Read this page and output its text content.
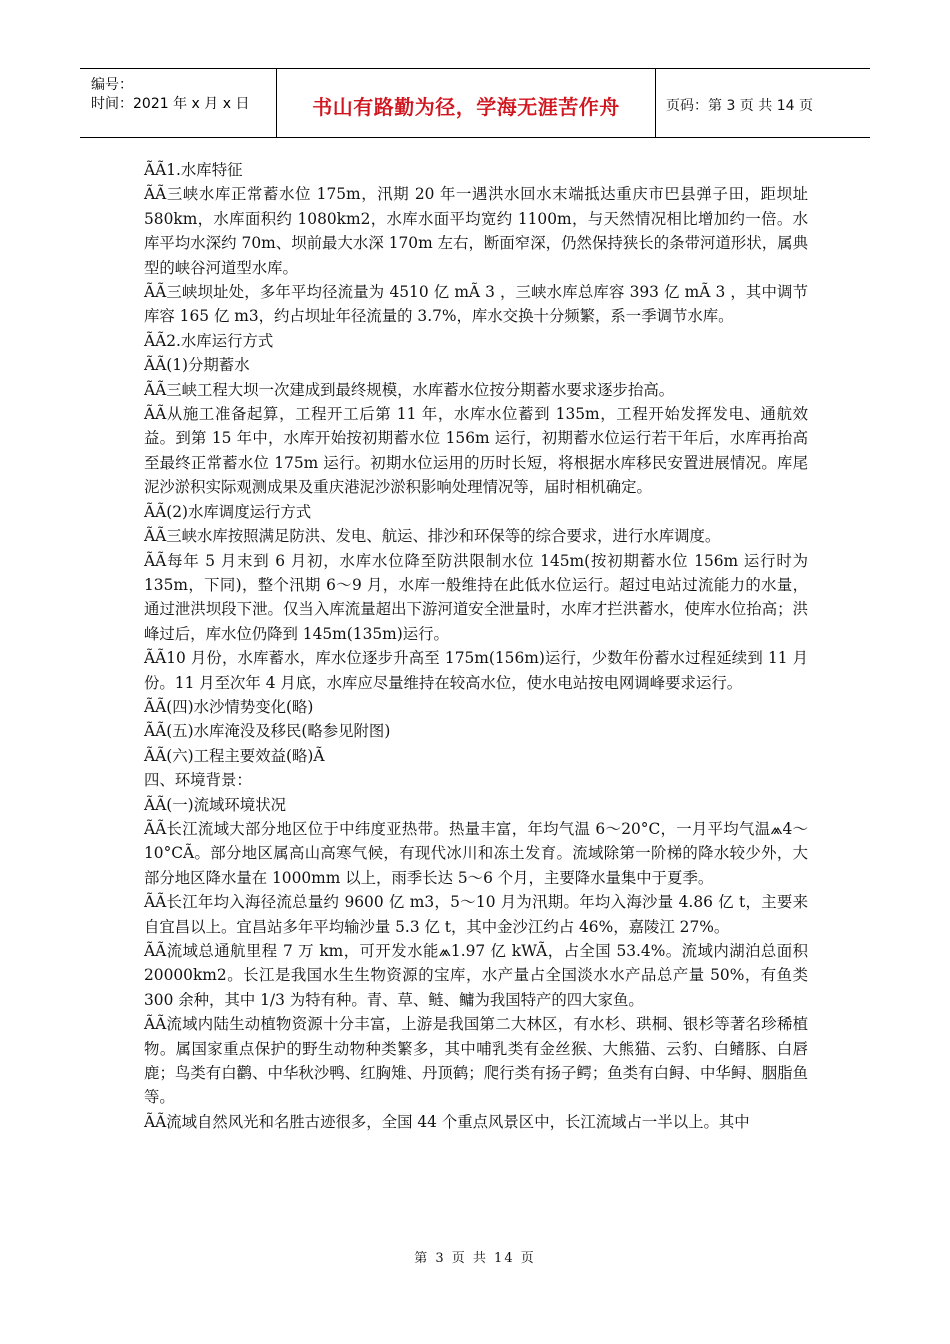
编号：
时间：2021 年 x 月 x 日	书山有路勤为径，学海无涯苦作舟	页码：第 3 页 共 14 页

ÃÃ1.水库特征

ÃÃ三峡水库正常蓄水位 175m，汛期 20 年一遇洪水回水末端抵达重庆市巴县弹子田，距坝址 580km，水库面积约 1080km2，水库水面平均宽约 1100m，与天然情况相比增加约一倍。水库平均水深约 70m、坝前最大水深 170m 左右，断面窄深，仍然保持狭长的条带河道形状，属典型的峡谷河道型水库。

ÃÃ三峡坝址处，多年平均径流量为 4510 亿 mÃ 3 ，三峡水库总库容 393 亿 mÃ 3 ，其中调节库容 165 亿 m3，约占坝址年径流量的 3.7%，库水交换十分频繁，系一季调节水库。

ÃÃ2.水库运行方式

ÃÃ(1)分期蓄水

ÃÃ三峡工程大坝一次建成到最终规模，水库蓄水位按分期蓄水要求逐步抬高。

ÃÃ从施工准备起算，工程开工后第 11 年，水库水位蓄到 135m，工程开始发挥发电、通航效益。到第 15 年中，水库开始按初期蓄水位 156m 运行，初期蓄水位运行若干年后，水库再抬高至最终正常蓄水位 175m 运行。初期水位运用的历时长短，将根据水库移民安置进展情况。库尾泥沙淤积实际观测成果及重庆港泥沙淤积影响处理情况等，届时相机确定。

ÃÃ(2)水库调度运行方式

ÃÃ三峡水库按照满足防洪、发电、航运、排沙和环保等的综合要求，进行水库调度。

ÃÃ每年 5 月末到 6 月初，水库水位降至防洪限制水位 145m(按初期蓄水位 156m 运行时为 135m，下同)，整个汛期 6～9 月，水库一般维持在此低水位运行。超过电站过流能力的水量，通过泄洪坝段下泄。仅当入库流量超出下游河道安全泄量时，水库才拦洪蓄水，使库水位抬高；洪峰过后，库水位仍降到 145m(135m)运行。

ÃÃ10 月份，水库蓄水，库水位逐步升高至 175m(156m)运行，少数年份蓄水过程延续到 11 月份。11 月至次年 4 月底，水库应尽量维持在较高水位，使水电站按电网调峰要求运行。

ÃÃ(四)水沙情势变化(略)

ÃÃ(五)水库淹没及移民(略参见附图)

ÃÃ(六)工程主要效益(略)Ã

四、环境背景：

ÃÃ(一)流域环境状况

ÃÃ长江流域大部分地区位于中纬度亚热带。热量丰富，年均气温 6～20°C，一月平均气温⩕4～10°CÃ。部分地区属高山高寒气候，有现代冰川和冻土发育。流域除第一阶梯的降水较少外，大部分地区降水量在 1000mm 以上，雨季长达 5～6 个月，主要降水量集中于夏季。

ÃÃ长江年均入海径流总量约 9600 亿 m3，5～10 月为汛期。年均入海沙量 4.86 亿 t，主要来自宜昌以上。宜昌站多年平均输沙量 5.3 亿 t，其中金沙江约占 46%，嘉陵江 27%。

ÃÃ流域总通航里程 7 万 km，可开发水能⩕1.97 亿 kWÃ，占全国 53.4%。流域内湖泊总面积 20000km2。长江是我国水生生物资源的宝库，水产量占全国淡水水产品总产量 50%，有鱼类 300 余种，其中 1/3 为特有种。青、草、鲢、鳙为我国特产的四大家鱼。

ÃÃ流域内陆生动植物资源十分丰富，上游是我国第二大林区，有水杉、珙桐、银杉等著名珍稀植物。属国家重点保护的野生动物种类繁多，其中哺乳类有金丝猴、大熊猫、云豹、白鳍豚、白唇鹿；鸟类有白鹳、中华秋沙鸭、红胸雉、丹顶鹤；爬行类有扬子鳄；鱼类有白鲟、中华鲟、胭脂鱼等。

ÃÃ流域自然风光和名胜古迹很多，全国 44 个重点风景区中，长江流域占一半以上。其中

第 3 页 共 14 页
